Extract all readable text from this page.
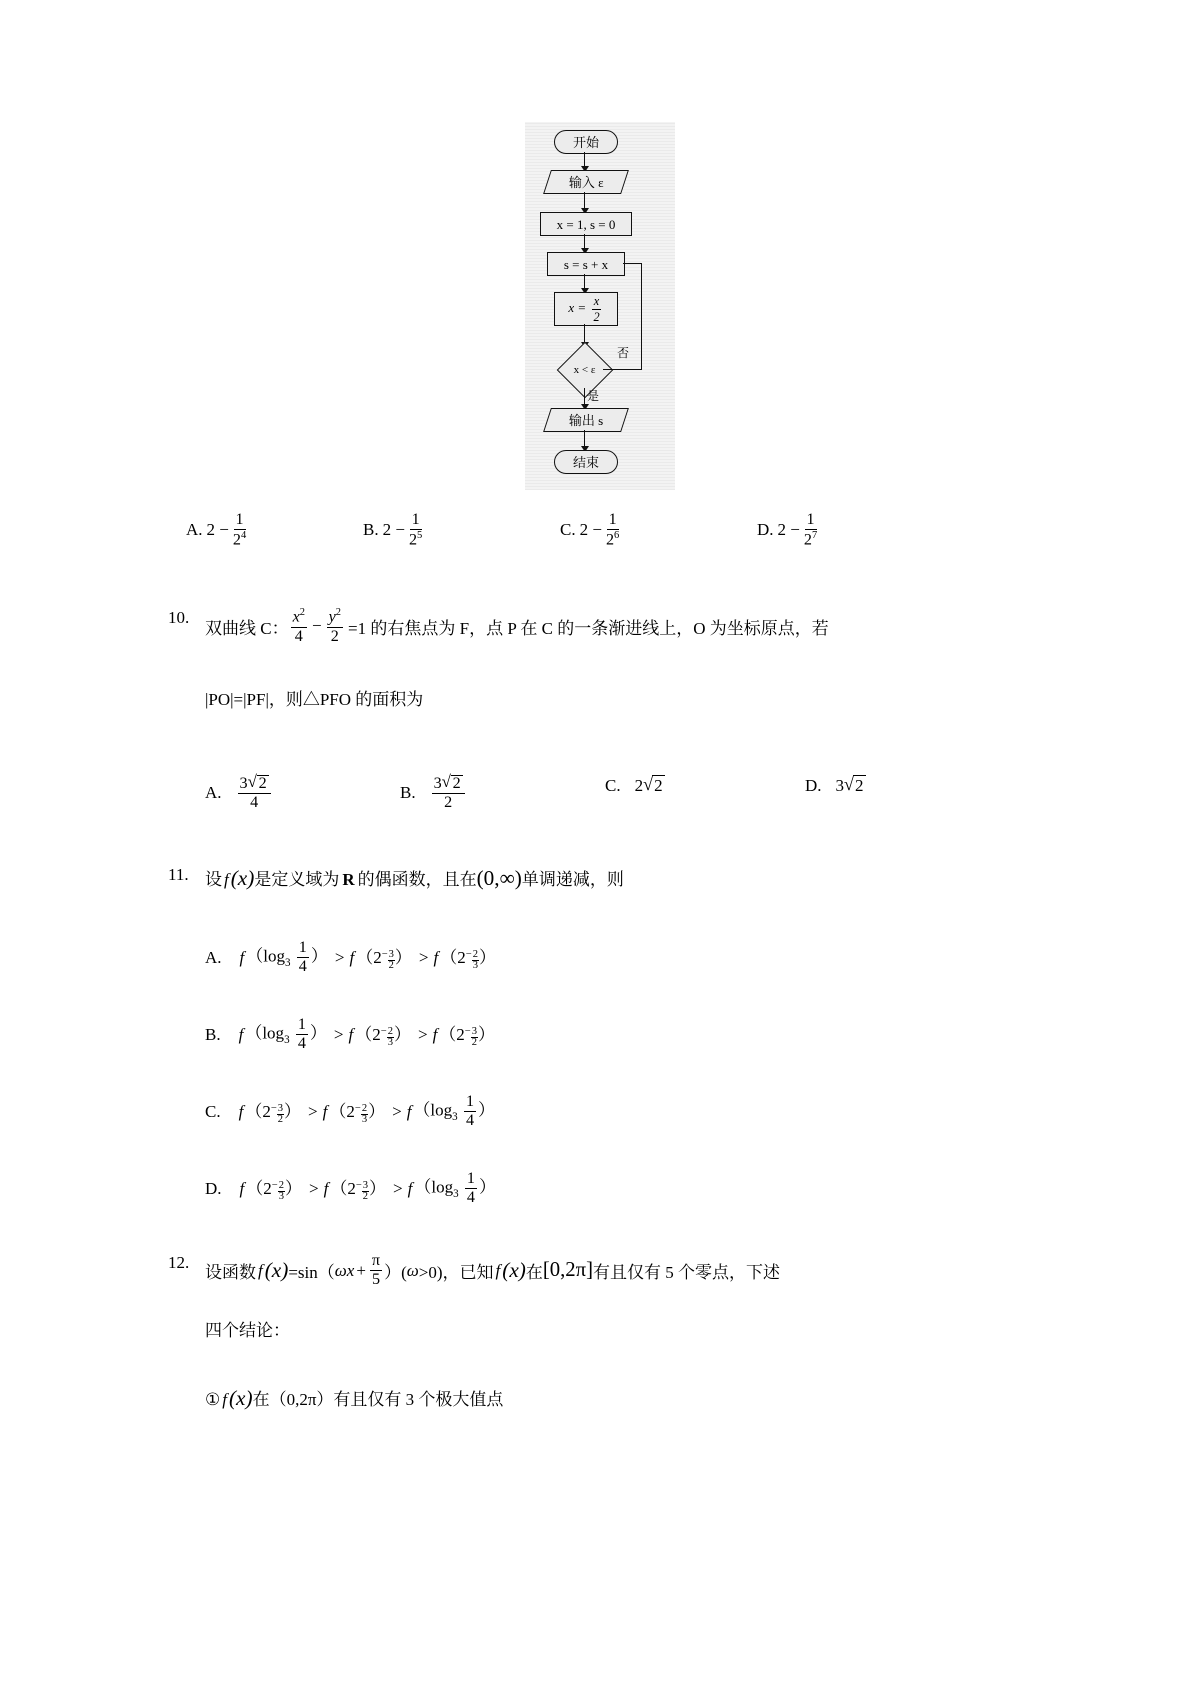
开始
输入 ε
x = 1, s = 0
s = s + x
$x = \frac{x}{2}$
x < ε
否
是
输出 s
结束
A. $2 - \frac{1}{2^4}$	B. $2 - \frac{1}{2^5}$	C. $2 - \frac{1}{2^6}$	D. $2 - \frac{1}{2^7}$
10.
双曲线 C： $\frac{x^2}{4} - \frac{y^2}{2} =1$ 的右焦点为 F，点 P 在 C 的一条渐进线上，O 为坐标原点，若
|PO|=|PF|，则△PFO 的面积为
A. $\frac{3 √ 2}{4}$	B. $\frac{3 √ 2}{2}$	C. 2 √ 2	D. 3 √ 2
11. 设 f (x) 是定义域为 R 的偶函数，且在 (0,∞) 单调递减，则
A. f （$\log_3 \frac{1}{4}$ ） > f （$2 - \frac{3}{2}$ ） > f （$2 - \frac{2}{3}$ ）
B. f （$\log_3 \frac{1}{4}$ ） > f （$2 - \frac{2}{3}$ ） > f （$2 - \frac{3}{2}$ ）
C. f （$2 - \frac{3}{2}$ ） > f （$2 - \frac{2}{3}$ ） > f （$\log_3 \frac{1}{4}$ ）
D. f （$2 - \frac{2}{3}$ ） > f （$2 - \frac{3}{2}$ ） > f （$\log_3 \frac{1}{4}$ ）
12.
设函数 f (x) =sin（ $\omega x + \frac{\pi}{5}$ ）( ω >0)，已知 f (x) 在 [0,2π] 有且仅有 5 个零点，下述
四个结论：
① f (x) 在（0,2π）有且仅有 3 个极大值点
